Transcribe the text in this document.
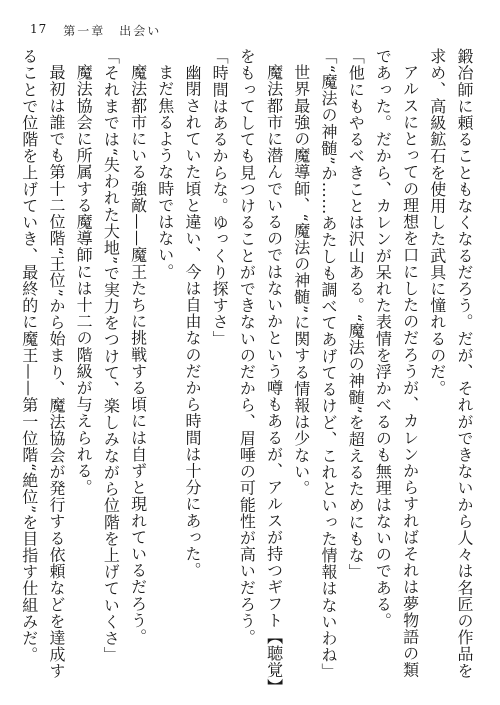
17 第一章　出会い

鍛冶師に頼ることもなくなるだろう。だが、それができないから人々は名匠の作品を求め、高級鉱石を使用した武具に憧れるのだ。

アルスにとっての理想を口にしたのだろうが、カレンからすればそれは夢物語の類であった。だから、カレンが呆れた表情を浮かべるのも無理はないのである。

「他にもやるべきことは沢山ある。“魔法の神髄”を超えるためにもな」

「“魔法の神髄”か……あたしも調べてあげてるけど、これといった情報はないわね」

世界最強の魔導師、“魔法の神髄”に関する情報は少ない。

魔法都市に潜んでいるのではないかという噂もあるが、アルスが持つギフト【聴覚】をもってしても見つけることができないのだから、眉唾の可能性が高いだろう。

「時間はあるからな。ゆっくり探すさ」

幽閉されていた頃と違い、今は自由なのだから時間は十分にあった。

まだ焦るような時ではない。

魔法都市にいる強敵——魔王たちに挑戦する頃には自ずと現れているだろう。

「それまでは“失われた大地”で実力をつけて、楽しみながら位階を上げていくさ」

魔法協会に所属する魔導師には十二の階級が与えられる。

最初は誰でも第十二位階“王位”から始まり、魔法協会が発行する依頼などを達成することで位階を上げていき、最終的に魔王——第一位階“絶位”を目指す仕組みだ。
